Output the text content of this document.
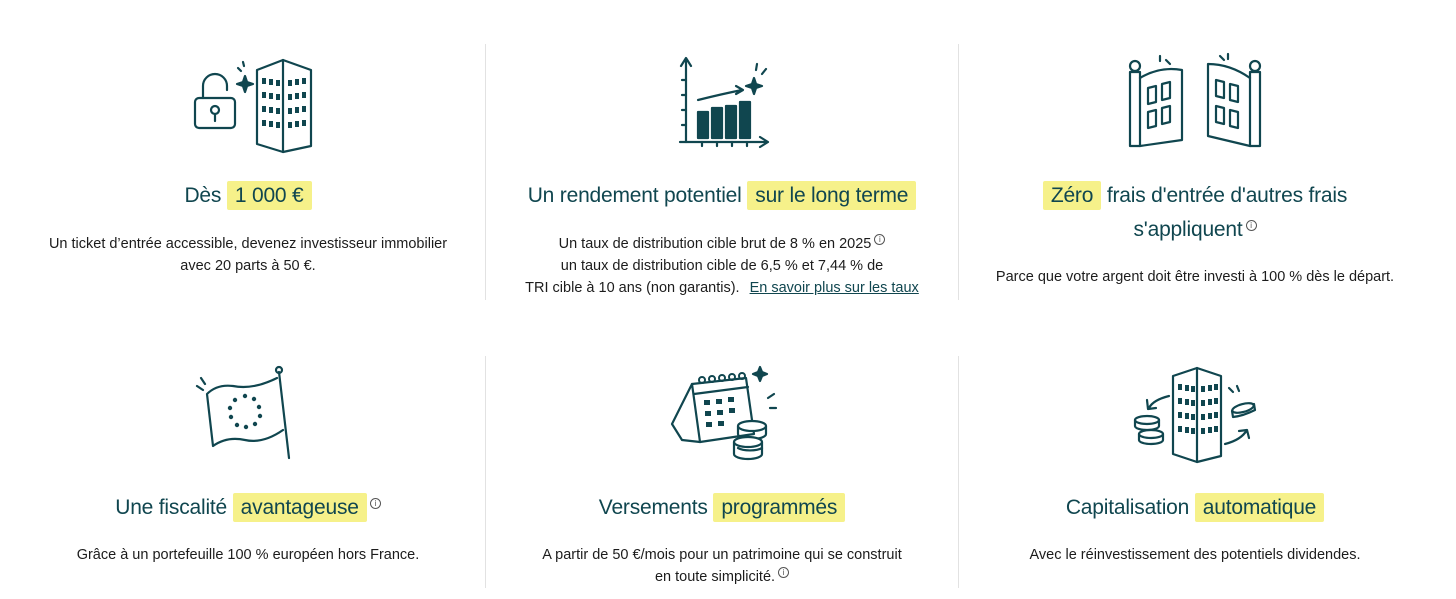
Dès 1 000 €
Un ticket d’entrée accessible, devenez investisseur immobilier
avec 20 parts à 50 €.
Un rendement potentiel sur le long terme
Un taux de distribution cible brut de 8 % en 2025 i
un taux de distribution cible de 6,5 % et 7,44 % de
TRI cible à 10 ans (non garantis). En savoir plus sur les taux
Zéro frais d'entrée d'autres frais
s'appliquent i
Parce que votre argent doit être investi à 100 % dès le départ.
Une fiscalité avantageuse i
Grâce à un portefeuille 100 % européen hors France.
Versements programmés
A partir de 50 €/mois pour un patrimoine qui se construit
en toute simplicité. i
Capitalisation automatique
Avec le réinvestissement des potentiels dividendes.
